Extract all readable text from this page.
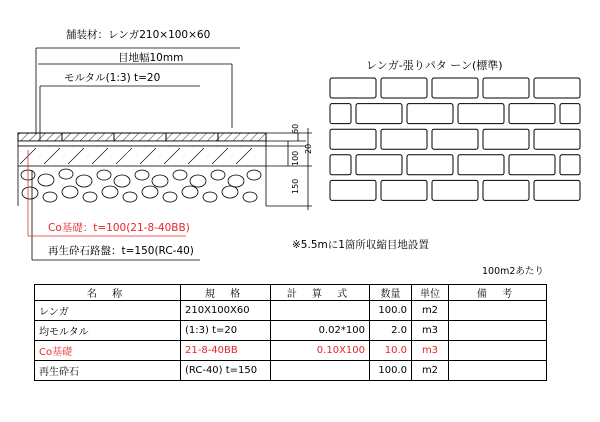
舗装材：レンガ210×100×60
目地幅10mm
モルタル(1:3) t=20
Co基礎：t=100(21-8-40BB)
再生砕石路盤：t=150(RC-40)
60
20
100
150
レンガ-張りパタ ーン(標準)
※5.5mに1箇所収縮目地設置
100m2あたり
名 称	規 格	計 算 式	数量	単位	備 考
レンガ	210X100X60		100.0	m2	
均モルタル	(1:3) t=20	0.02*100	2.0	m3	
Co基礎	21-8-40BB	0.10X100	10.0	m3	
再生砕石	(RC-40) t=150		100.0	m2	
